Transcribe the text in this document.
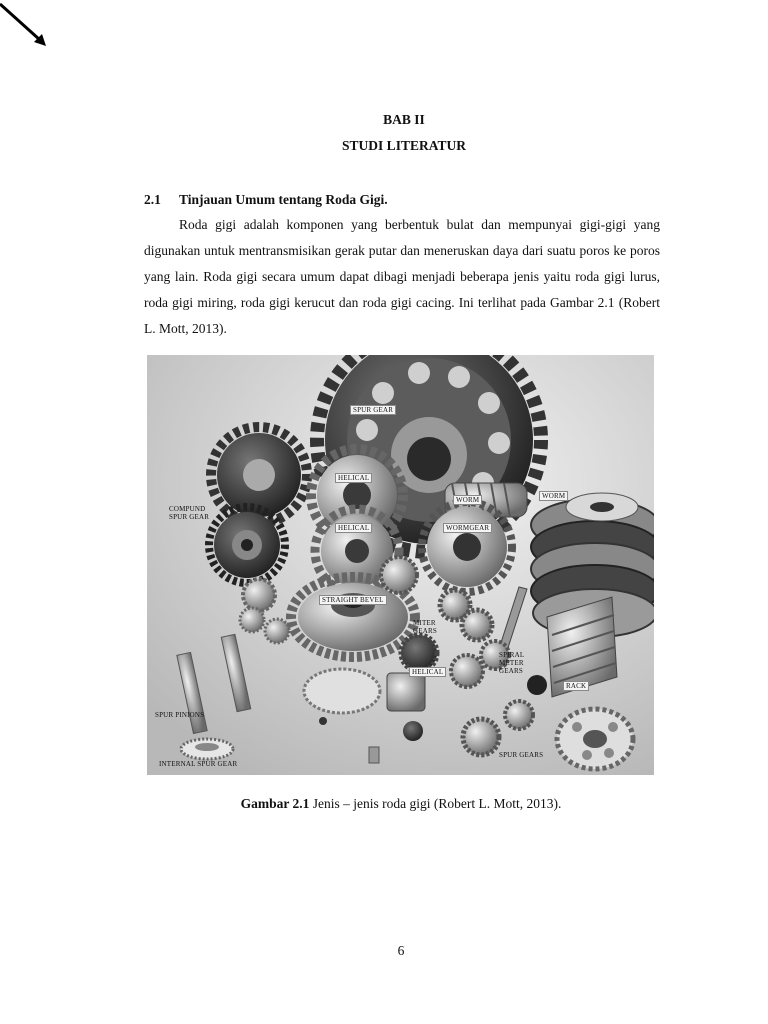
BAB II
STUDI LITERATUR
2.1 Tinjauan Umum tentang Roda Gigi.

Roda gigi adalah komponen yang berbentuk bulat dan mempunyai gigi-gigi yang digunakan untuk mentransmisikan gerak putar dan meneruskan daya dari suatu poros ke poros yang lain. Roda gigi secara umum dapat dibagi menjadi beberapa jenis yaitu roda gigi lurus, roda gigi miring, roda gigi kerucut dan roda gigi cacing. Ini terlihat pada Gambar 2.1 (Robert L. Mott, 2013).

SPUR GEAR
HELICAL
HELICAL
WORM	WORM
WORMGEAR
COMPUND
SPUR GEAR
STRAIGHT BEVEL
MITER
GEARS
HELICAL
SPIRAL
METER
GEARS
RACK
SPUR PINIONS
INTERNAL SPUR GEAR
SPUR GEARS
Gambar 2.1 Jenis – jenis roda gigi (Robert L. Mott, 2013).
6
